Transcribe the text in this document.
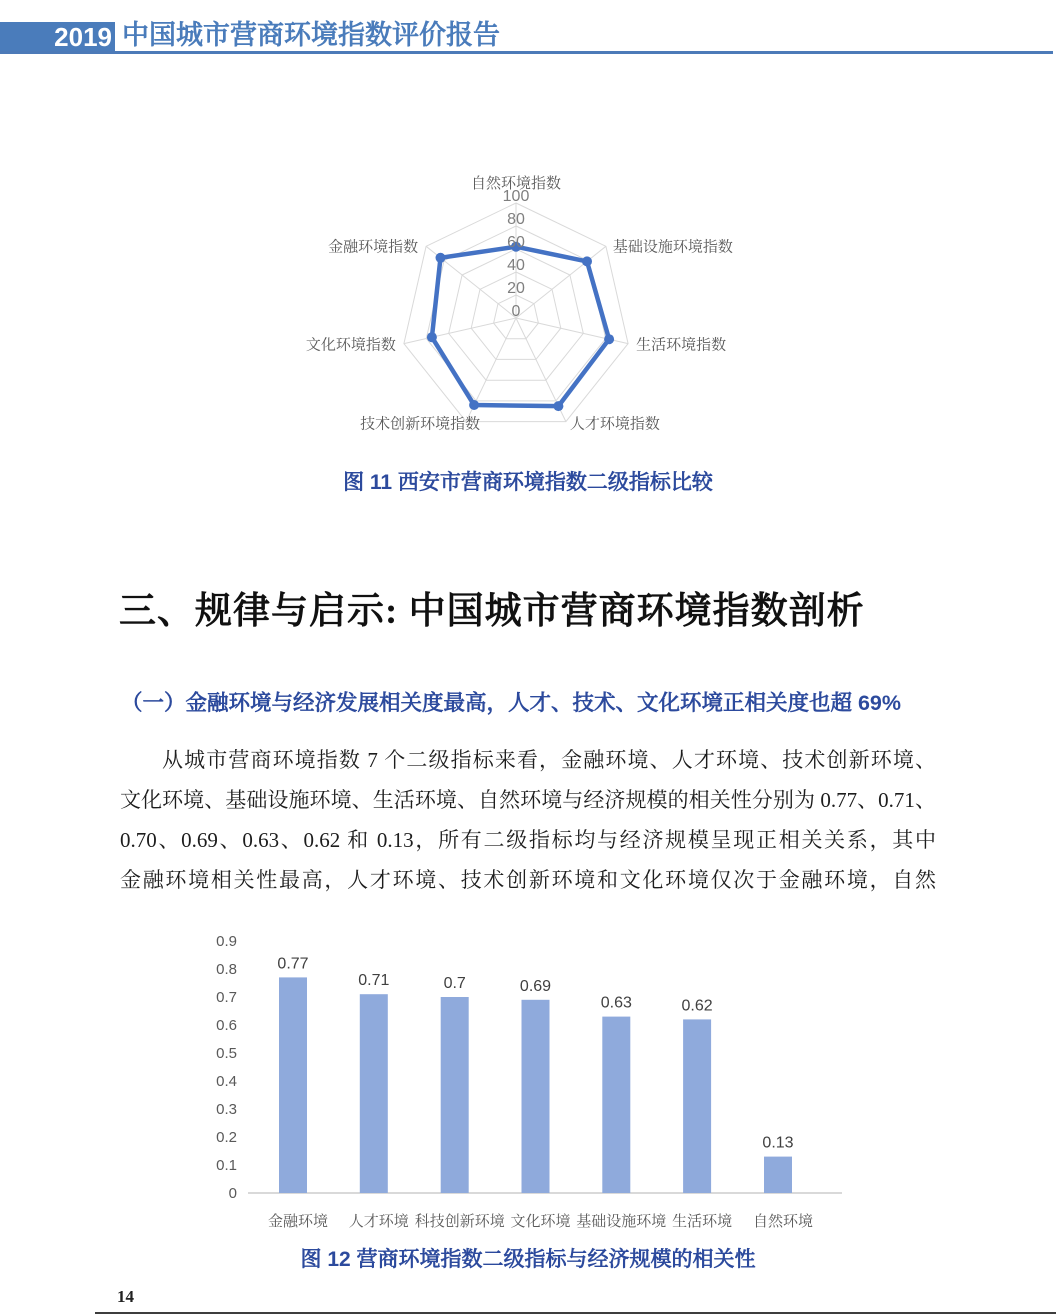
2019 中国城市营商环境指数评价报告
0
20
40
60
80
100
自然环境指数
基础设施环境指数
生活环境指数
人才环境指数
技术创新环境指数
文化环境指数
金融环境指数
图 11 西安市营商环境指数二级指标比较
三、规律与启示: 中国城市营商环境指数剖析
（一）金融环境与经济发展相关度最高，人才、技术、文化环境正相关度也超 69%
从城市营商环境指数 7 个二级指标来看，金融环境、人才环境、技术创新环境、
文化环境、基础设施环境、生活环境、自然环境与经济规模的相关性分别为 0.77、0.71、
0.70、0.69、0.63、0.62 和 0.13，所有二级指标均与经济规模呈现正相关关系，其中
金融环境相关性最高，人才环境、技术创新环境和文化环境仅次于金融环境，自然
0.9
0.8
0.7
0.6
0.5
0.4
0.3
0.2
0.1
0
0.77
金融环境
0.71
人才环境
0.7
科技创新环境
0.69
文化环境
0.63
基础设施环境
0.62
生活环境
0.13
自然环境
图 12 营商环境指数二级指标与经济规模的相关性
14
